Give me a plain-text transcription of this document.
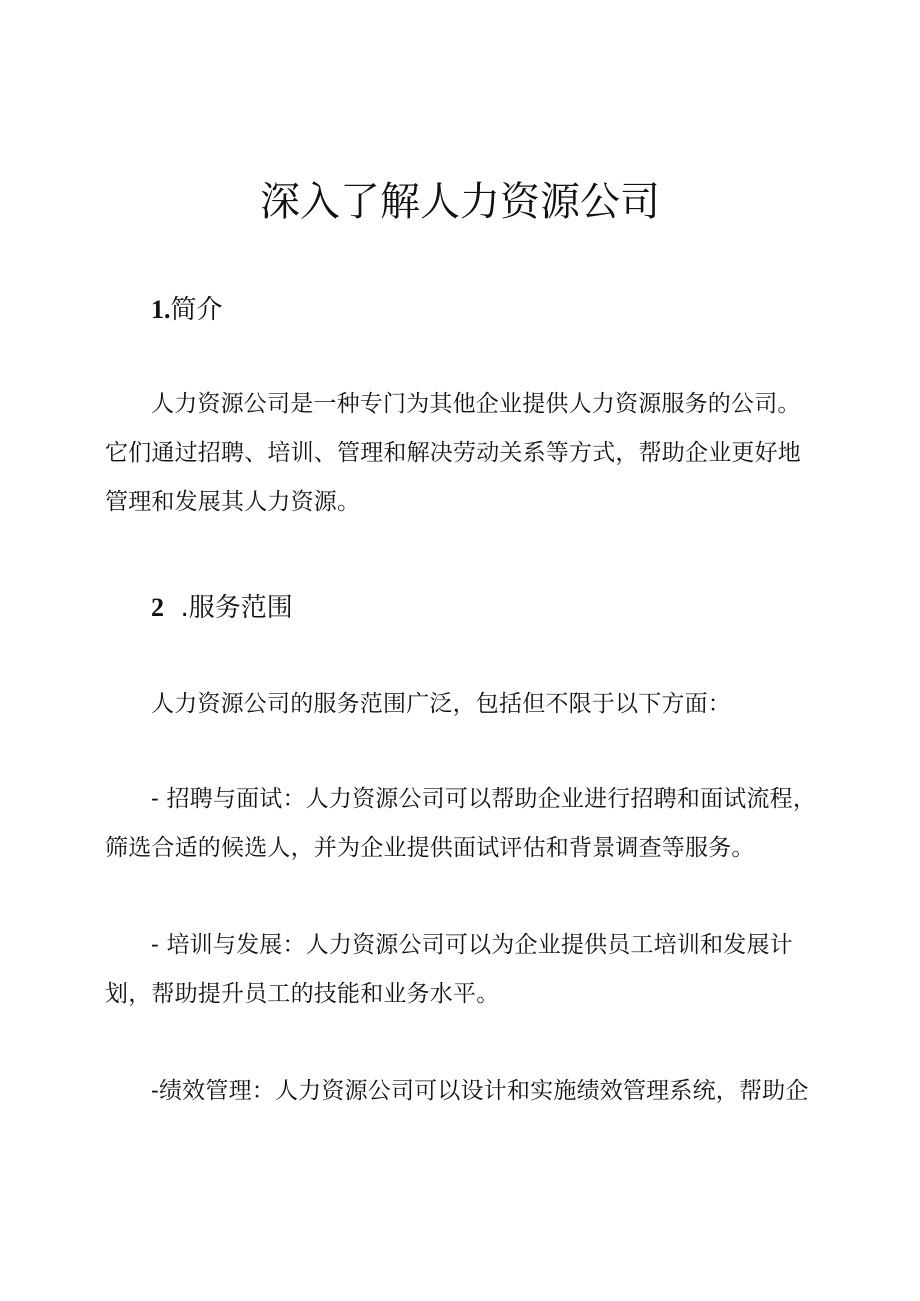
深入了解人力资源公司
1.简介

人力资源公司是一种专门为其他企业提供人力资源服务的公司。它们通过招聘、培训、管理和解决劳动关系等方式，帮助企业更好地管理和发展其人力资源。

2 .服务范围

人力资源公司的服务范围广泛，包括但不限于以下方面：

- 招聘与面试：人力资源公司可以帮助企业进行招聘和面试流程，筛选合适的候选人，并为企业提供面试评估和背景调查等服务。

- 培训与发展：人力资源公司可以为企业提供员工培训和发展计划，帮助提升员工的技能和业务水平。

-绩效管理：人力资源公司可以设计和实施绩效管理系统，帮助企
